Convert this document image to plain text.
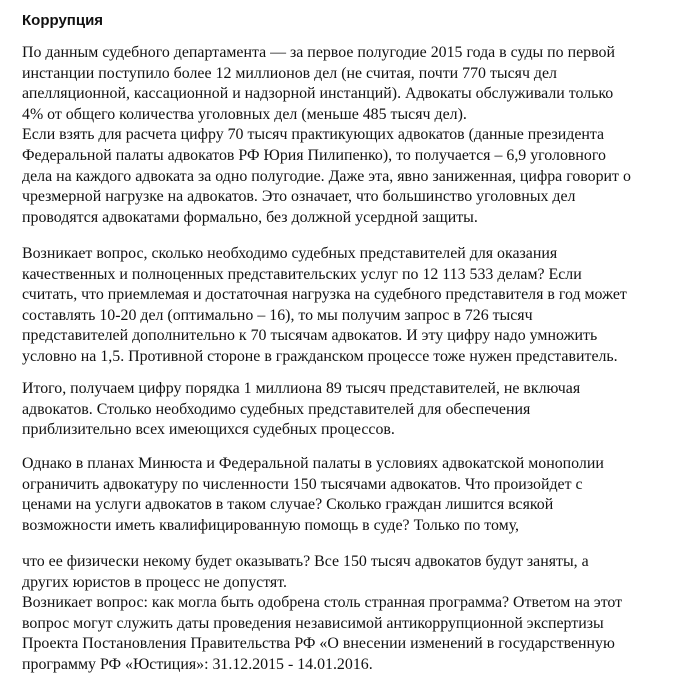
Коррупция

По данным судебного департамента — за первое полугодие 2015 года в суды по первой
инстанции поступило более 12 миллионов дел (не считая, почти 770 тысяч дел
апелляционной, кассационной и надзорной инстанций). Адвокаты обслуживали только
4% от общего количества уголовных дел (меньше 485 тысяч дел).
Если взять для расчета цифру 70 тысяч практикующих адвокатов (данные президента
Федеральной палаты адвокатов РФ Юрия Пилипенко), то получается – 6,9 уголовного
дела на каждого адвоката за одно полугодие. Даже эта, явно заниженная, цифра говорит о
чрезмерной нагрузке на адвокатов. Это означает, что большинство уголовных дел
проводятся адвокатами формально, без должной усердной защиты.

Возникает вопрос, сколько необходимо судебных представителей для оказания
качественных и полноценных представительских услуг по 12 113 533 делам? Если
считать, что приемлемая и достаточная нагрузка на судебного представителя в год может
составлять 10-20 дел (оптимально – 16), то мы получим запрос в 726 тысяч
представителей дополнительно к 70 тысячам адвокатов. И эту цифру надо умножить
условно на 1,5. Противной стороне в гражданском процессе тоже нужен представитель.

Итого, получаем цифру порядка 1 миллиона 89 тысяч представителей, не включая
адвокатов. Столько необходимо судебных представителей для обеспечения
приблизительно всех имеющихся судебных процессов.

Однако в планах Минюста и Федеральной палаты в условиях адвокатской монополии
ограничить адвокатуру по численности 150 тысячами адвокатов. Что произойдет с
ценами на услуги адвокатов в таком случае? Сколько граждан лишится всякой
возможности иметь квалифицированную помощь в суде? Только по тому,

что ее физически некому будет оказывать? Все 150 тысяч адвокатов будут заняты, а
других юристов в процесс не допустят.
Возникает вопрос: как могла быть одобрена столь странная программа? Ответом на этот
вопрос могут служить даты проведения независимой антикоррупционной экспертизы
Проекта Постановления Правительства РФ «О внесении изменений в государственную
программу РФ «Юстиция»: 31.12.2015 - 14.01.2016.
